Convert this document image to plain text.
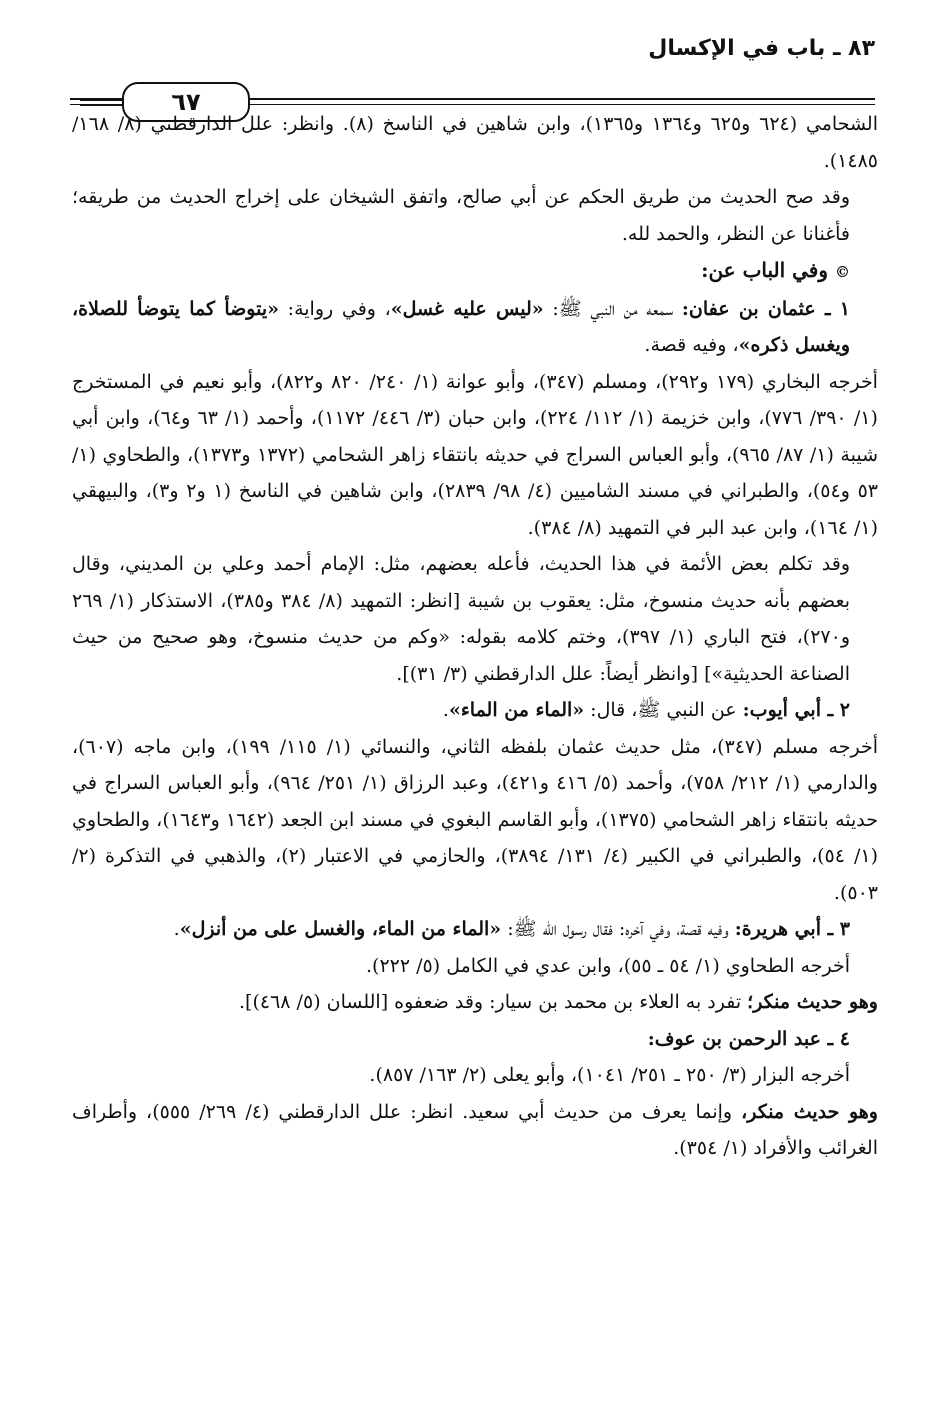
٨٣ ـ باب في الإكسال
٦٧

الشحامي (٦٢٤ و٦٢٥ و١٣٦٤ و١٣٦٥)، وابن شاهين في الناسخ (٨). وانظر: علل الدارقطني (٨/ ١٦٨/ ١٤٨٥).

وقد صح الحديث من طريق الحكم عن أبي صالح، واتفق الشيخان على إخراج الحديث من طريقه؛ فأغنانا عن النظر، والحمد لله.

© وفي الباب عن:

١ ـ عثمان بن عفان: سمعه من النبي ﷺ: «ليس عليه غسل»، وفي رواية: «يتوضأ كما يتوضأ للصلاة، ويغسل ذكره»، وفيه قصة.

أخرجه البخاري (١٧٩ و٢٩٢)، ومسلم (٣٤٧)، وأبو عوانة (١/ ٢٤٠/ ٨٢٠ و٨٢٢)، وأبو نعيم في المستخرج (١/ ٣٩٠/ ٧٧٦)، وابن خزيمة (١/ ١١٢/ ٢٢٤)، وابن حبان (٣/ ٤٤٦/ ١١٧٢)، وأحمد (١/ ٦٣ و٦٤)، وابن أبي شيبة (١/ ٨٧/ ٩٦٥)، وأبو العباس السراج في حديثه بانتقاء زاهر الشحامي (١٣٧٢ و١٣٧٣)، والطحاوي (١/ ٥٣ و٥٤)، والطبراني في مسند الشاميين (٤/ ٩٨/ ٢٨٣٩)، وابن شاهين في الناسخ (١ و٢ و٣)، والبيهقي (١/ ١٦٤)، وابن عبد البر في التمهيد (٨/ ٣٨٤).

وقد تكلم بعض الأئمة في هذا الحديث، فأعله بعضهم، مثل: الإمام أحمد وعلي بن المديني، وقال بعضهم بأنه حديث منسوخ، مثل: يعقوب بن شيبة [انظر: التمهيد (٨/ ٣٨٤ و٣٨٥)، الاستذكار (١/ ٢٦٩ و٢٧٠)، فتح الباري (١/ ٣٩٧)، وختم كلامه بقوله: «وكم من حديث منسوخ، وهو صحيح من حيث الصناعة الحديثية»] [وانظر أيضاً: علل الدارقطني (٣/ ٣١)].

٢ ـ أبي أيوب: عن النبي ﷺ، قال: «الماء من الماء».

أخرجه مسلم (٣٤٧)، مثل حديث عثمان بلفظه الثاني، والنسائي (١/ ١١٥/ ١٩٩)، وابن ماجه (٦٠٧)، والدارمي (١/ ٢١٢/ ٧٥٨)، وأحمد (٥/ ٤١٦ و٤٢١)، وعبد الرزاق (١/ ٢٥١/ ٩٦٤)، وأبو العباس السراج في حديثه بانتقاء زاهر الشحامي (١٣٧٥)، وأبو القاسم البغوي في مسند ابن الجعد (١٦٤٢ و١٦٤٣)، والطحاوي (١/ ٥٤)، والطبراني في الكبير (٤/ ١٣١/ ٣٨٩٤)، والحازمي في الاعتبار (٢)، والذهبي في التذكرة (٢/ ٥٠٣).

٣ ـ أبي هريرة: وفيه قصة، وفي آخره: فقال رسول الله ﷺ: «الماء من الماء، والغسل على من أنزل».

أخرجه الطحاوي (١/ ٥٤ ـ ٥٥)، وابن عدي في الكامل (٥/ ٢٢٢).

وهو حديث منكر؛ تفرد به العلاء بن محمد بن سيار: وقد ضعفوه [اللسان (٥/ ٤٦٨)].

٤ ـ عبد الرحمن بن عوف:

أخرجه البزار (٣/ ٢٥٠ ـ ٢٥١/ ١٠٤١)، وأبو يعلى (٢/ ١٦٣/ ٨٥٧).

وهو حديث منكر، وإنما يعرف من حديث أبي سعيد. انظر: علل الدارقطني (٤/ ٢٦٩/ ٥٥٥)، وأطراف الغرائب والأفراد (١/ ٣٥٤).
